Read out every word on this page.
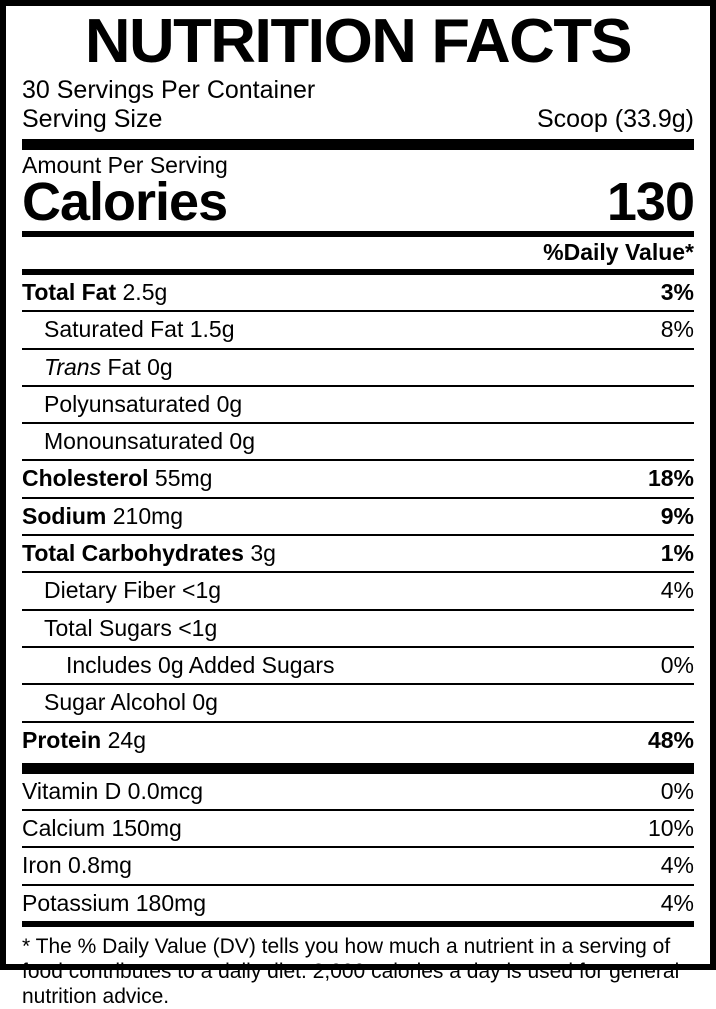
NUTRITION FACTS
30 Servings Per Container
Serving Size	Scoop (33.9g)
Amount Per Serving
Calories	130
%Daily Value*
Total Fat 2.5g	3%
Saturated Fat 1.5g	8%
Trans Fat 0g
Polyunsaturated 0g
Monounsaturated 0g
Cholesterol 55mg	18%
Sodium 210mg	9%
Total Carbohydrates 3g	1%
Dietary Fiber <1g	4%
Total Sugars <1g
Includes 0g Added Sugars	0%
Sugar Alcohol 0g
Protein 24g	48%
Vitamin D 0.0mcg	0%
Calcium 150mg	10%
Iron 0.8mg	4%
Potassium 180mg	4%
* The % Daily Value (DV) tells you how much a nutrient in a serving of food contributes to a daily diet. 2,000 calories a day is used for general nutrition advice.
